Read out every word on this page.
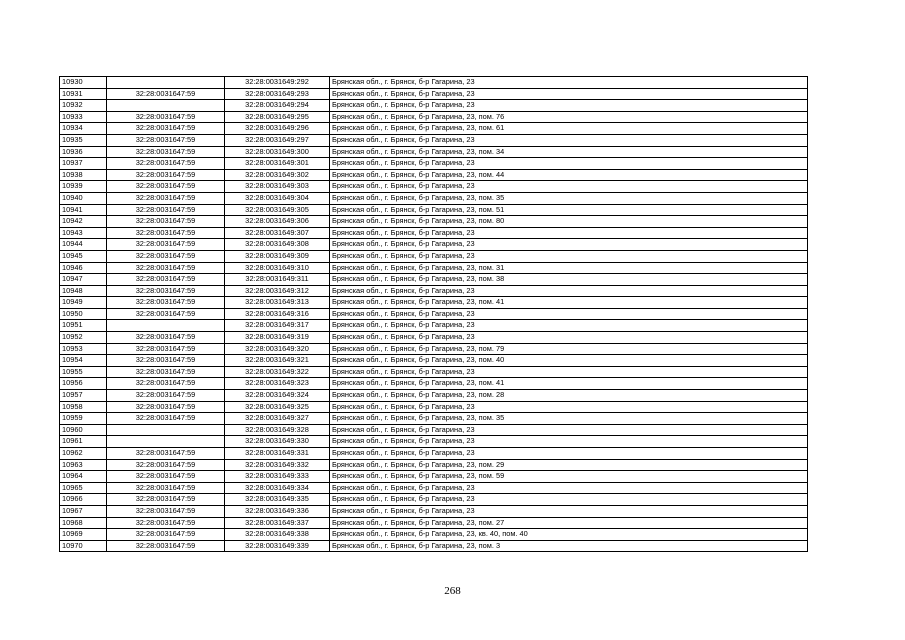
10930		32:28:0031649:292	Брянская обл., г. Брянск, б-р Гагарина, 23
10931	32:28:0031647:59	32:28:0031649:293	Брянская обл., г. Брянск, б-р Гагарина, 23
10932		32:28:0031649:294	Брянская обл., г. Брянск, б-р Гагарина, 23
10933	32:28:0031647:59	32:28:0031649:295	Брянская обл., г. Брянск, б-р Гагарина, 23, пом. 76
10934	32:28:0031647:59	32:28:0031649:296	Брянская обл., г. Брянск, б-р Гагарина, 23, пом. 61
10935	32:28:0031647:59	32:28:0031649:297	Брянская обл., г. Брянск, б-р Гагарина, 23
10936	32:28:0031647:59	32:28:0031649:300	Брянская обл., г. Брянск, б-р Гагарина, 23, пом. 34
10937	32:28:0031647:59	32:28:0031649:301	Брянская обл., г. Брянск, б-р Гагарина, 23
10938	32:28:0031647:59	32:28:0031649:302	Брянская обл., г. Брянск, б-р Гагарина, 23, пом. 44
10939	32:28:0031647:59	32:28:0031649:303	Брянская обл., г. Брянск, б-р Гагарина, 23
10940	32:28:0031647:59	32:28:0031649:304	Брянская обл., г. Брянск, б-р Гагарина, 23, пом. 35
10941	32:28:0031647:59	32:28:0031649:305	Брянская обл., г. Брянск, б-р Гагарина, 23, пом. 51
10942	32:28:0031647:59	32:28:0031649:306	Брянская обл., г. Брянск, б-р Гагарина, 23, пом. 80
10943	32:28:0031647:59	32:28:0031649:307	Брянская обл., г. Брянск, б-р Гагарина, 23
10944	32:28:0031647:59	32:28:0031649:308	Брянская обл., г. Брянск, б-р Гагарина, 23
10945	32:28:0031647:59	32:28:0031649:309	Брянская обл., г. Брянск, б-р Гагарина, 23
10946	32:28:0031647:59	32:28:0031649:310	Брянская обл., г. Брянск, б-р Гагарина, 23, пом. 31
10947	32:28:0031647:59	32:28:0031649:311	Брянская обл., г. Брянск, б-р Гагарина, 23, пом. 38
10948	32:28:0031647:59	32:28:0031649:312	Брянская обл., г. Брянск, б-р Гагарина, 23
10949	32:28:0031647:59	32:28:0031649:313	Брянская обл., г. Брянск, б-р Гагарина, 23, пом. 41
10950	32:28:0031647:59	32:28:0031649:316	Брянская обл., г. Брянск, б-р Гагарина, 23
10951		32:28:0031649:317	Брянская обл., г. Брянск, б-р Гагарина, 23
10952	32:28:0031647:59	32:28:0031649:319	Брянская обл., г. Брянск, б-р Гагарина, 23
10953	32:28:0031647:59	32:28:0031649:320	Брянская обл., г. Брянск, б-р Гагарина, 23, пом. 79
10954	32:28:0031647:59	32:28:0031649:321	Брянская обл., г. Брянск, б-р Гагарина, 23, пом. 40
10955	32:28:0031647:59	32:28:0031649:322	Брянская обл., г. Брянск, б-р Гагарина, 23
10956	32:28:0031647:59	32:28:0031649:323	Брянская обл., г. Брянск, б-р Гагарина, 23, пом. 41
10957	32:28:0031647:59	32:28:0031649:324	Брянская обл., г. Брянск, б-р Гагарина, 23, пом. 28
10958	32:28:0031647:59	32:28:0031649:325	Брянская обл., г. Брянск, б-р Гагарина, 23
10959	32:28:0031647:59	32:28:0031649:327	Брянская обл., г. Брянск, б-р Гагарина, 23, пом. 35
10960		32:28:0031649:328	Брянская обл., г. Брянск, б-р Гагарина, 23
10961		32:28:0031649:330	Брянская обл., г. Брянск, б-р Гагарина, 23
10962	32:28:0031647:59	32:28:0031649:331	Брянская обл., г. Брянск, б-р Гагарина, 23
10963	32:28:0031647:59	32:28:0031649:332	Брянская обл., г. Брянск, б-р Гагарина, 23, пом. 29
10964	32:28:0031647:59	32:28:0031649:333	Брянская обл., г. Брянск, б-р Гагарина, 23, пом. 59
10965	32:28:0031647:59	32:28:0031649:334	Брянская обл., г. Брянск, б-р Гагарина, 23
10966	32:28:0031647:59	32:28:0031649:335	Брянская обл., г. Брянск, б-р Гагарина, 23
10967	32:28:0031647:59	32:28:0031649:336	Брянская обл., г. Брянск, б-р Гагарина, 23
10968	32:28:0031647:59	32:28:0031649:337	Брянская обл., г. Брянск, б-р Гагарина, 23, пом. 27
10969	32:28:0031647:59	32:28:0031649:338	Брянская обл., г. Брянск, б-р Гагарина, 23, кв. 40, пом. 40
10970	32:28:0031647:59	32:28:0031649:339	Брянская обл., г. Брянск, б-р Гагарина, 23, пом. 3
268
